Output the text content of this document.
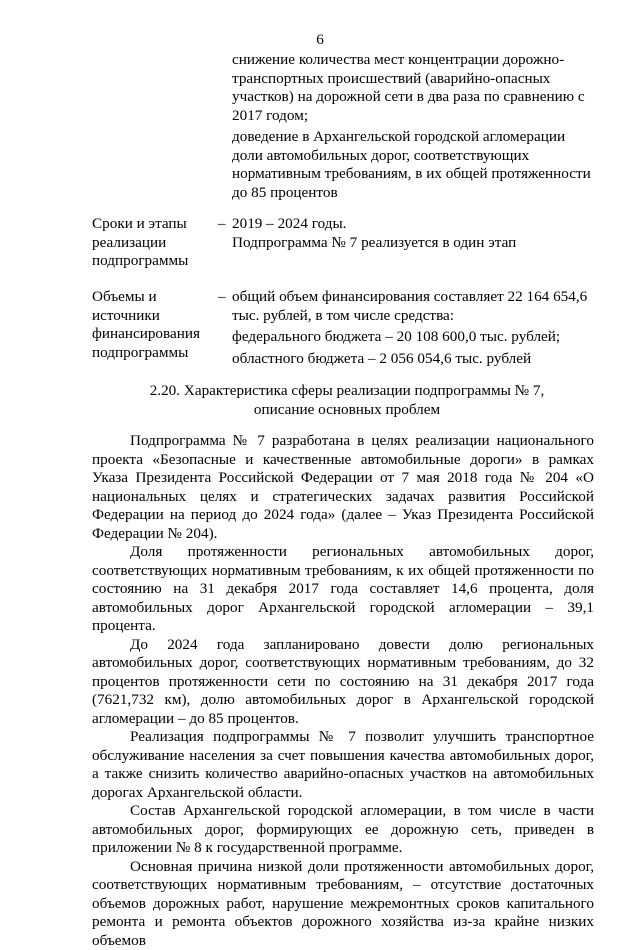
6

снижение количества мест концентрации дорожно-транспортных происшествий (аварийно-опасных участков) на дорожной сети в два раза по сравнению с 2017 годом;

доведение в Архангельской городской агломерации доли автомобильных дорог, соответствующих нормативным требованиям, в их общей протяженности до 85 процентов

Сроки и этапы реализации подпрограммы
– 2019 – 2024 годы.

Подпрограмма № 7 реализуется в один этап

Объемы и источники финансирования подпрограммы
– общий объем финансирования составляет 22 164 654,6 тыс. рублей, в том числе средства:

федерального бюджета – 20 108 600,0 тыс. рублей;

областного бюджета – 2 056 054,6 тыс. рублей

2.20. Характеристика сферы реализации подпрограммы № 7,

описание основных проблем

Подпрограмма № 7 разработана в целях реализации национального проекта «Безопасные и качественные автомобильные дороги» в рамках Указа Президента Российской Федерации от 7 мая 2018 года № 204 «О национальных целях и стратегических задачах развития Российской Федерации на период до 2024 года» (далее – Указ Президента Российской Федерации № 204).

Доля протяженности региональных автомобильных дорог, соответствующих нормативным требованиям, к их общей протяженности по состоянию на 31 декабря 2017 года составляет 14,6 процента, доля автомобильных дорог Архангельской городской агломерации – 39,1 процента.

До 2024 года запланировано довести долю региональных автомобильных дорог, соответствующих нормативным требованиям, до 32 процентов протяженности сети по состоянию на 31 декабря 2017 года (7621,732 км), долю автомобильных дорог в Архангельской городской агломерации – до 85 процентов.

Реализация подпрограммы № 7 позволит улучшить транспортное обслуживание населения за счет повышения качества автомобильных дорог, а также снизить количество аварийно-опасных участков на автомобильных дорогах Архангельской области.

Состав Архангельской городской агломерации, в том числе в части автомобильных дорог, формирующих ее дорожную сеть, приведен в приложении № 8 к государственной программе.

Основная причина низкой доли протяженности автомобильных дорог, соответствующих нормативным требованиям, – отсутствие достаточных объемов дорожных работ, нарушение межремонтных сроков капитального ремонта и ремонта объектов дорожного хозяйства из-за крайне низких объемов
